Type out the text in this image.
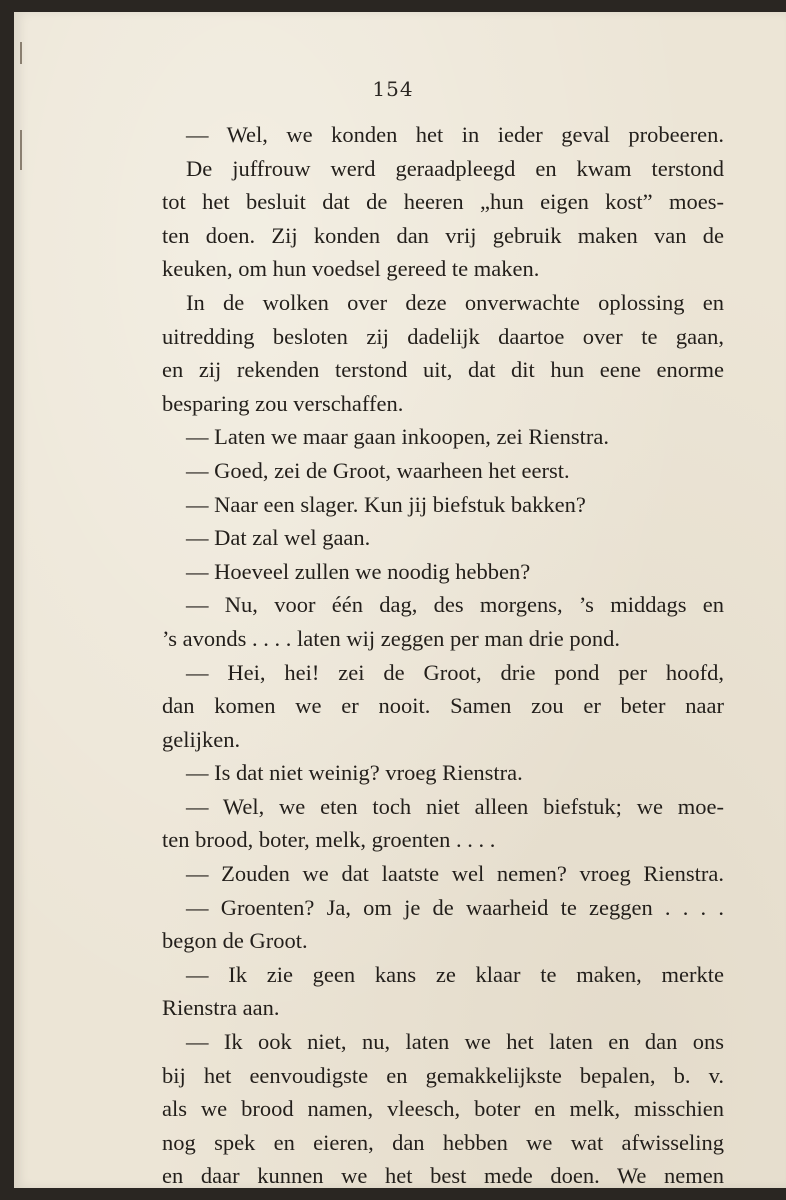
154
— Wel, we konden het in ieder geval probeeren.
De juffrouw werd geraadpleegd en kwam terstond
tot het besluit dat de heeren „hun eigen kost” moes-
ten doen. Zij konden dan vrij gebruik maken van de
keuken, om hun voedsel gereed te maken.
In de wolken over deze onverwachte oplossing en
uitredding besloten zij dadelijk daartoe over te gaan,
en zij rekenden terstond uit, dat dit hun eene enorme
besparing zou verschaffen.
— Laten we maar gaan inkoopen, zei Rienstra.
— Goed, zei de Groot, waarheen het eerst.
— Naar een slager. Kun jij biefstuk bakken?
— Dat zal wel gaan.
— Hoeveel zullen we noodig hebben?
— Nu, voor één dag, des morgens, ’s middags en
’s avonds . . . . laten wij zeggen per man drie pond.
— Hei, hei! zei de Groot, drie pond per hoofd,
dan komen we er nooit. Samen zou er beter naar
gelijken.
— Is dat niet weinig? vroeg Rienstra.
— Wel, we eten toch niet alleen biefstuk; we moe-
ten brood, boter, melk, groenten . . . .
— Zouden we dat laatste wel nemen? vroeg Rienstra.
— Groenten? Ja, om je de waarheid te zeggen . . . .
begon de Groot.
— Ik zie geen kans ze klaar te maken, merkte
Rienstra aan.
— Ik ook niet, nu, laten we het laten en dan ons
bij het eenvoudigste en gemakkelijkste bepalen, b. v.
als we brood namen, vleesch, boter en melk, misschien
nog spek en eieren, dan hebben we wat afwisseling
en daar kunnen we het best mede doen. We nemen
